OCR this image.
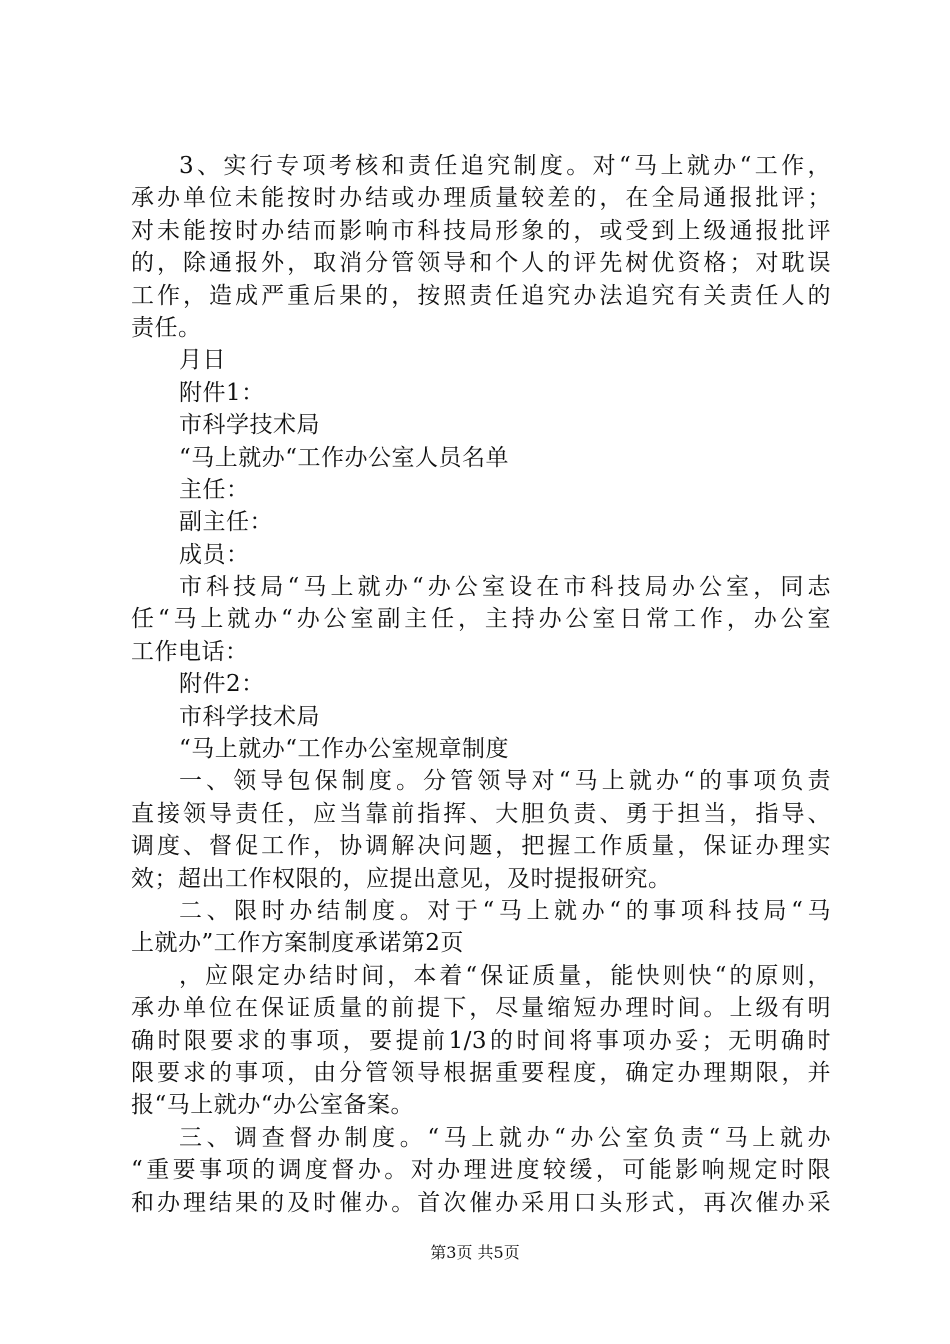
3、实行专项考核和责任追究制度。对“马上就办“工作，
承办单位未能按时办结或办理质量较差的，在全局通报批评；
对未能按时办结而影响市科技局形象的，或受到上级通报批评
的，除通报外，取消分管领导和个人的评先树优资格；对耽误
工作，造成严重后果的，按照责任追究办法追究有关责任人的
责任。
月日
附件1：
市科学技术局
“马上就办“工作办公室人员名单
主任：
副主任：
成员：
市科技局“马上就办“办公室设在市科技局办公室，同志
任“马上就办“办公室副主任，主持办公室日常工作，办公室
工作电话：
附件2：
市科学技术局
“马上就办“工作办公室规章制度
一、领导包保制度。分管领导对“马上就办“的事项负责
直接领导责任，应当靠前指挥、大胆负责、勇于担当，指导、
调度、督促工作，协调解决问题，把握工作质量，保证办理实
效；超出工作权限的，应提出意见，及时提报研究。
二、限时办结制度。对于“马上就办“的事项科技局“马
上就办”工作方案制度承诺第2页
，应限定办结时间，本着“保证质量，能快则快“的原则，
承办单位在保证质量的前提下，尽量缩短办理时间。上级有明
确时限要求的事项，要提前1/3的时间将事项办妥；无明确时
限要求的事项，由分管领导根据重要程度，确定办理期限，并
报“马上就办“办公室备案。
三、调查督办制度。“马上就办“办公室负责“马上就办
“重要事项的调度督办。对办理进度较缓，可能影响规定时限
和办理结果的及时催办。首次催办采用口头形式，再次催办采
第3页 共5页
